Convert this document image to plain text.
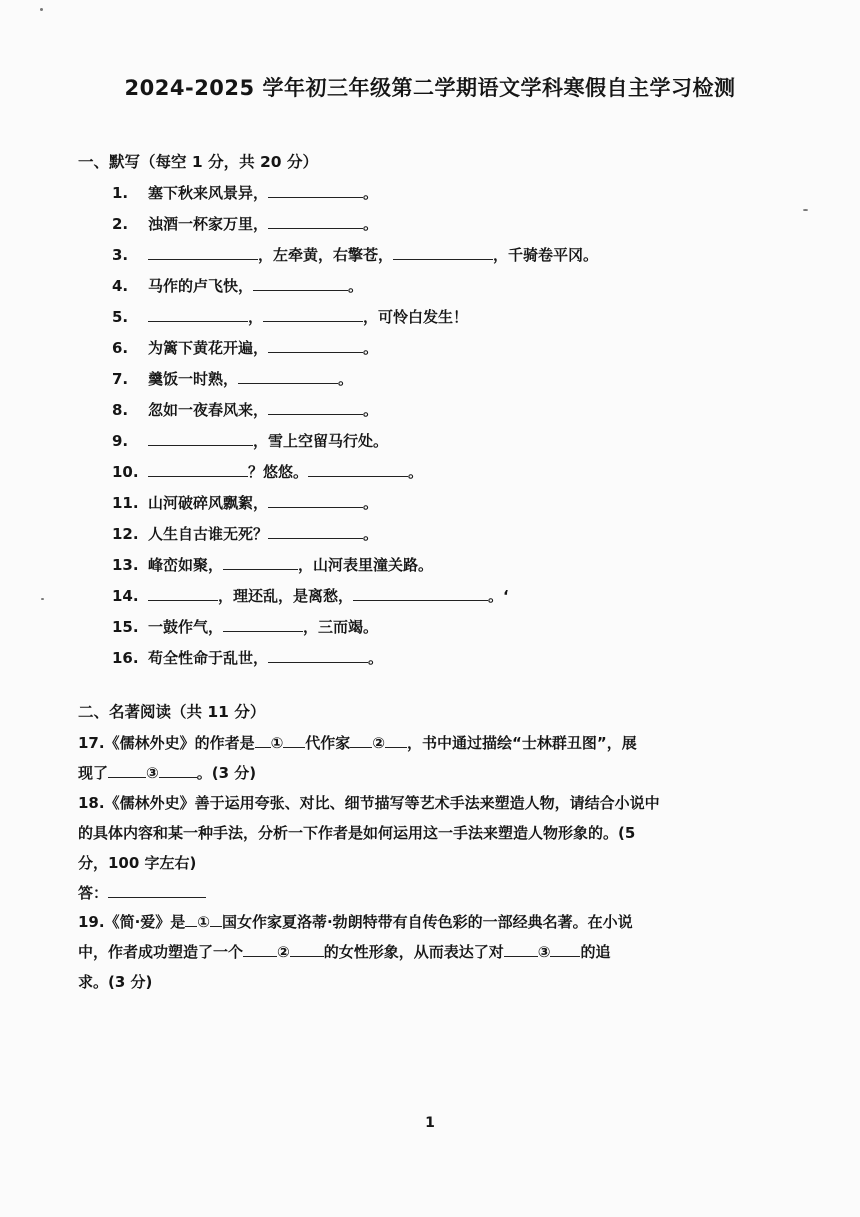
2024-2025 学年初三年级第二学期语文学科寒假自主学习检测
一、默写（每空 1 分，共 20 分）
1. 塞下秋来风景异，	。
2. 浊酒一杯家万里，	。
3.	，左牵黄，右擎苍，	，千骑卷平冈。
4. 马作的卢飞快，	。
5.	，	，可怜白发生！
6. 为篱下黄花开遍，	。
7. 羹饭一时熟，	。
8. 忽如一夜春风来，	。
9.	，雪上空留马行处。
10.	？悠悠。	。
11. 山河破碎风飘絮，	。
12. 人生自古谁无死？	。
13. 峰峦如聚，	，山河表里潼关路。
14.	，理还乱，是离愁，	。‘
15. 一鼓作气，	，三而竭。
16. 苟全性命于乱世，	。
二、名著阅读（共 11 分）
17.《儒林外史》的作者是 ① 代作家 ② ，书中通过描绘“士林群丑图”，展
现了	③	。(3 分)
18.《儒林外史》善于运用夸张、对比、细节描写等艺术手法来塑造人物，请结合小说中
的具体内容和某一种手法，分析一下作者是如何运用这一手法来塑造人物形象的。(5
分，100 字左右)
答：
19.《简·爱》是 ① 国女作家夏洛蒂·勃朗特带有自传色彩的一部经典名著。在小说
中，作者成功塑造了一个 ② 的女性形象，从而表达了对 ③ 的追
求。(3 分)
1
